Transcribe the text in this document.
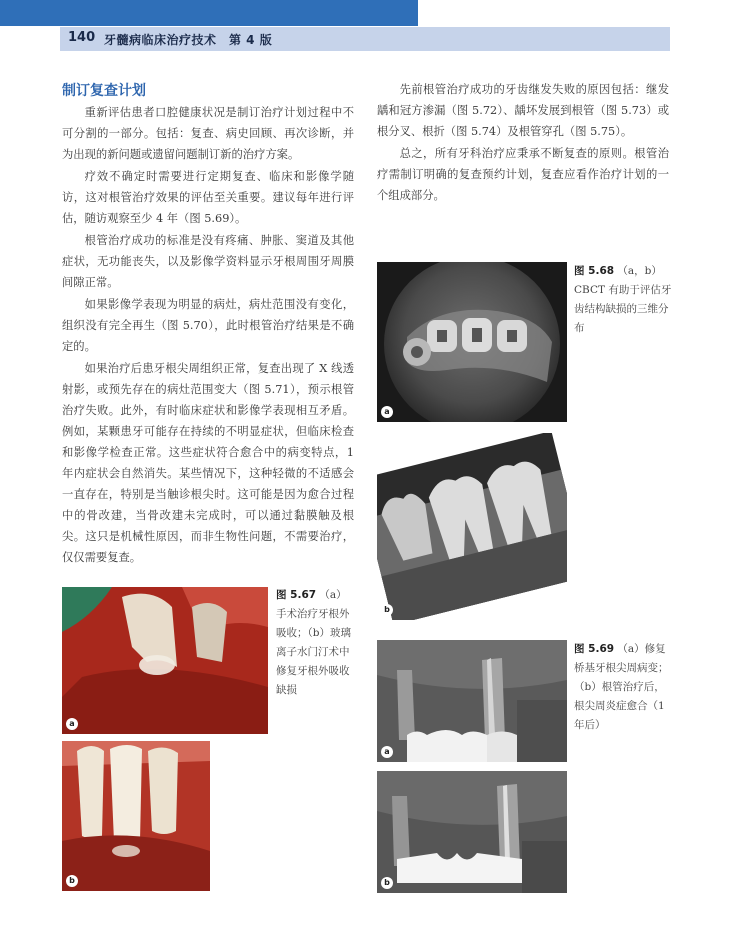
140 牙髓病临床治疗技术　第 4 版
制订复查计划

重新评估患者口腔健康状况是制订治疗计划过程中不可分割的一部分。包括：复查、病史回顾、再次诊断，并为出现的新问题或遗留问题制订新的治疗方案。

疗效不确定时需要进行定期复查、临床和影像学随访，这对根管治疗效果的评估至关重要。建议每年进行评估，随访观察至少 4 年（图 5.69）。

根管治疗成功的标准是没有疼痛、肿胀、窦道及其他症状，无功能丧失，以及影像学资料显示牙根周围牙周膜间隙正常。

如果影像学表现为明显的病灶，病灶范围没有变化，组织没有完全再生（图 5.70），此时根管治疗结果是不确定的。

如果治疗后患牙根尖周组织正常，复查出现了 X 线透射影，或预先存在的病灶范围变大（图 5.71），预示根管治疗失败。此外，有时临床症状和影像学表现相互矛盾。例如，某颗患牙可能存在持续的不明显症状，但临床检查和影像学检查正常。这些症状符合愈合中的病变特点，1 年内症状会自然消失。某些情况下，这种轻微的不适感会一直存在，特别是当触诊根尖时。这可能是因为愈合过程中的骨改建，当骨改建未完成时，可以通过黏膜触及根尖。这只是机械性原因，而非生物性问题，不需要治疗，仅仅需要复查。

先前根管治疗成功的牙齿继发失败的原因包括：继发龋和冠方渗漏（图 5.72）、龋坏发展到根管（图 5.73）或根分叉、根折（图 5.74）及根管穿孔（图 5.75）。

总之，所有牙科治疗应秉承不断复查的原则。根管治疗需制订明确的复查预约计划，复查应看作治疗计划的一个组成部分。

a
b
图 5.68 （a，b）CBCT 有助于评估牙齿结构缺损的三维分布
a
b
图 5.67 （a）手术治疗牙根外吸收；（b）玻璃离子水门汀术中修复牙根外吸收缺损
a
b
图 5.69 （a）修复桥基牙根尖周病变；（b）根管治疗后，根尖周炎症愈合（1年后）
